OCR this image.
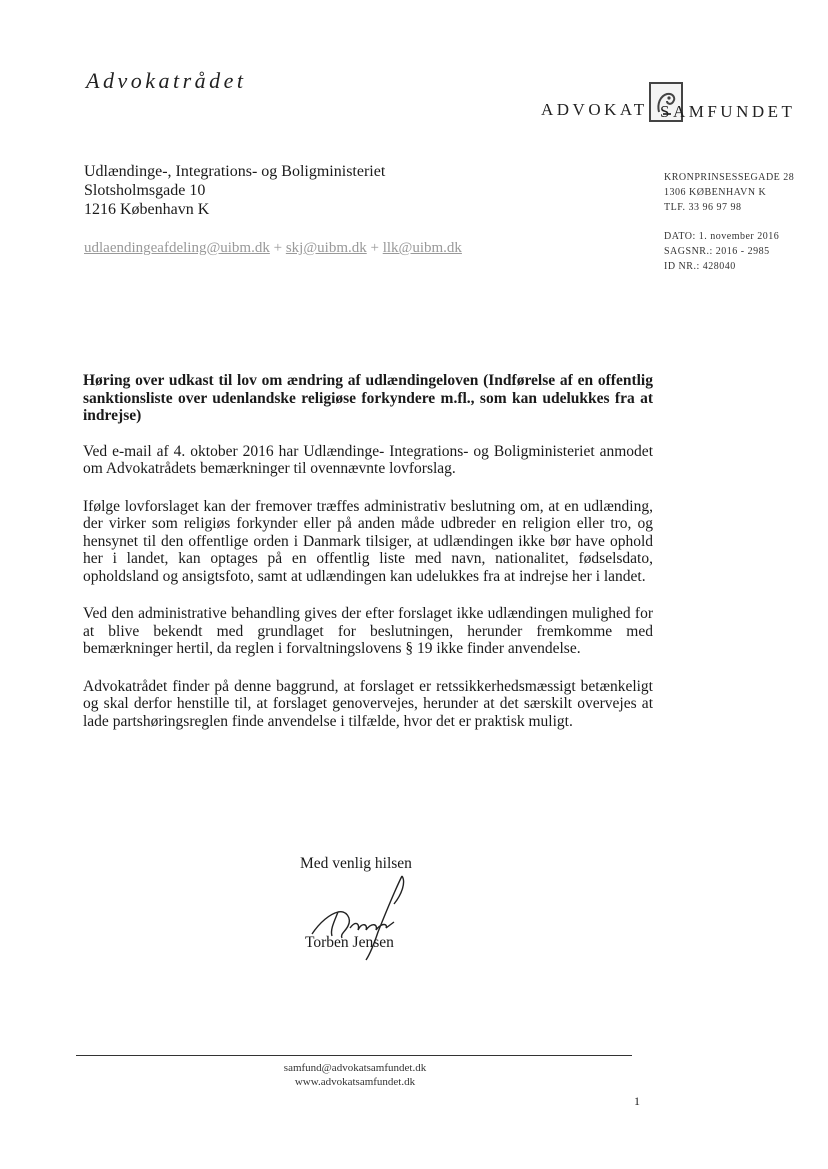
Advokatrådet
ADVOKAT SAMFUNDET
Udlændinge-, Integrations- og Boligministeriet
Slotsholmsgade 10
1216 København K
udlaendingeafdeling@uibm.dk + skj@uibm.dk + llk@uibm.dk
KRONPRINSESSEGADE 28
1306 KØBENHAVN K
TLF. 33 96 97 98
DATO: 1. november 2016
SAGSNR.: 2016 - 2985
ID NR.: 428040

Høring over udkast til lov om ændring af udlændingeloven (Indførelse af en offentlig sanktionsliste over udenlandske religiøse forkyndere m.fl., som kan udelukkes fra at indrejse)

Ved e-mail af 4. oktober 2016 har Udlændinge- Integrations- og Boligministeriet anmodet om Advokatrådets bemærkninger til ovennævnte lovforslag.

Ifølge lovforslaget kan der fremover træffes administrativ beslutning om, at en udlænding, der virker som religiøs forkynder eller på anden måde udbreder en religion eller tro, og hensynet til den offentlige orden i Danmark tilsiger, at udlændingen ikke bør have ophold her i landet, kan optages på en offentlig liste med navn, nationalitet, fødselsdato, opholdsland og ansigtsfoto, samt at udlændingen kan udelukkes fra at indrejse her i landet.

Ved den administrative behandling gives der efter forslaget ikke udlændingen mulighed for at blive bekendt med grundlaget for beslutningen, herunder fremkomme med bemærkninger hertil, da reglen i forvaltningslovens § 19 ikke finder anvendelse.

Advokatrådet finder på denne baggrund, at forslaget er retssikkerhedsmæssigt betænkeligt og skal derfor henstille til, at forslaget genovervejes, herunder at det særskilt overvejes at lade partshøringsreglen finde anvendelse i tilfælde, hvor det er praktisk muligt.

Med venlig hilsen
Torben Jensen
samfund@advokatsamfundet.dk
www.advokatsamfundet.dk
1
